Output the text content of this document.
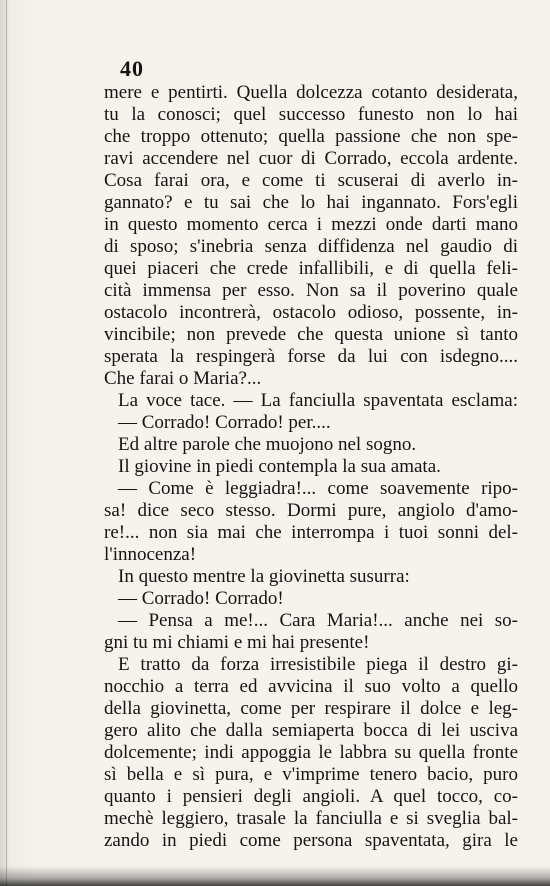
40
mere e pentirti. Quella dolcezza cotanto desiderata,
tu la conosci; quel successo funesto non lo hai
che troppo ottenuto; quella passione che non spe-
ravi accendere nel cuor di Corrado, eccola ardente.
Cosa farai ora, e come ti scuserai di averlo in-
gannato? e tu sai che lo hai ingannato. Fors'egli
in questo momento cerca i mezzi onde darti mano
di sposo; s'inebria senza diffidenza nel gaudio di
quei piaceri che crede infallibili, e di quella feli-
cità immensa per esso. Non sa il poverino quale
ostacolo incontrerà, ostacolo odioso, possente, in-
vincibile; non prevede che questa unione sì tanto
sperata la respingerà forse da lui con isdegno....
Che farai o Maria?...
La voce tace. — La fanciulla spaventata esclama:
— Corrado! Corrado! per....
Ed altre parole che muojono nel sogno.
Il giovine in piedi contempla la sua amata.
— Come è leggiadra!... come soavemente ripo-
sa! dice seco stesso. Dormi pure, angiolo d'amo-
re!... non sia mai che interrompa i tuoi sonni del-
l'innocenza!
In questo mentre la giovinetta susurra:
— Corrado! Corrado!
— Pensa a me!... Cara Maria!... anche nei so-
gni tu mi chiami e mi hai presente!
E tratto da forza irresistibile piega il destro gi-
nocchio a terra ed avvicina il suo volto a quello
della giovinetta, come per respirare il dolce e leg-
gero alito che dalla semiaperta bocca di lei usciva
dolcemente; indi appoggia le labbra su quella fronte
sì bella e sì pura, e v'imprime tenero bacio, puro
quanto i pensieri degli angioli. A quel tocco, co-
mechè leggiero, trasale la fanciulla e si sveglia bal-
zando in piedi come persona spaventata, gira le
